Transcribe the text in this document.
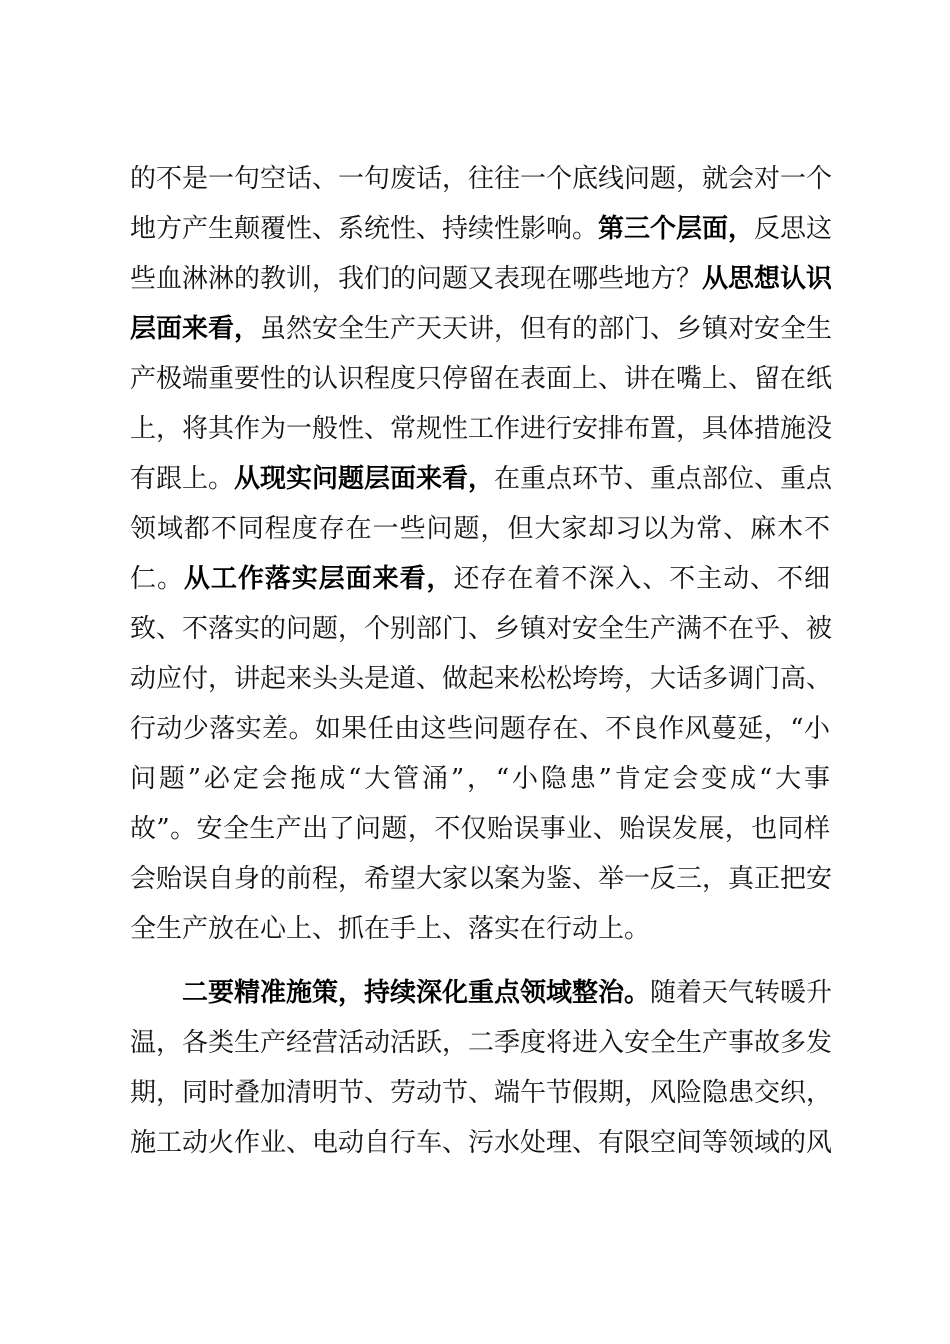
的不是一句空话、一句废话，往往一个底线问题，就会对一个
地方产生颠覆性、系统性、持续性影响。第三个层面，反思这
些血淋淋的教训，我们的问题又表现在哪些地方？从思想认识
层面来看，虽然安全生产天天讲，但有的部门、乡镇对安全生
产极端重要性的认识程度只停留在表面上、讲在嘴上、留在纸
上，将其作为一般性、常规性工作进行安排布置，具体措施没
有跟上。从现实问题层面来看，在重点环节、重点部位、重点
领域都不同程度存在一些问题，但大家却习以为常、麻木不
仁。从工作落实层面来看，还存在着不深入、不主动、不细
致、不落实的问题，个别部门、乡镇对安全生产满不在乎、被
动应付，讲起来头头是道、做起来松松垮垮，大话多调门高、
行动少落实差。如果任由这些问题存在、不良作风蔓延，“小
问题”必定会拖成“大管涌”，“小隐患”肯定会变成“大事
故”。安全生产出了问题，不仅贻误事业、贻误发展，也同样
会贻误自身的前程，希望大家以案为鉴、举一反三，真正把安
全生产放在心上、抓在手上、落实在行动上。
二要精准施策，持续深化重点领域整治。随着天气转暖升
温，各类生产经营活动活跃，二季度将进入安全生产事故多发
期，同时叠加清明节、劳动节、端午节假期，风险隐患交织，
施工动火作业、电动自行车、污水处理、有限空间等领域的风
